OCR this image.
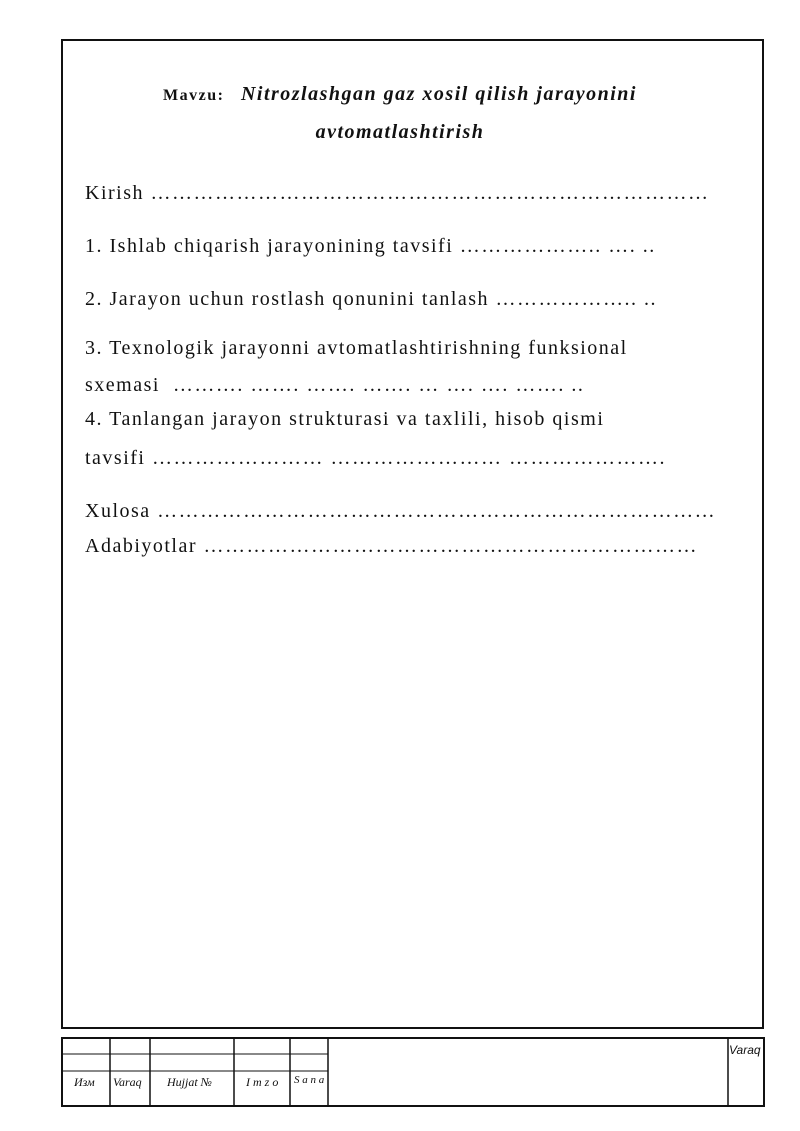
Mavzu: Nitrozlashgan gaz xosil qilish jarayonini
avtomatlashtirish
Kirish ……………………………………………………………………
1. Ishlab chiqarish jarayonining tavsifi ……………….. …. ..
2. Jarayon uchun rostlash qonunini tanlash ……………….. ..
3. Texnologik jarayonni avtomatlashtirishning funksional
sxemasi  ………. ……. ……. ……. … …. …. ……. ..
4. Tanlangan jarayon strukturasi va taxlili, hisob qismi
tavsifi …………………… …………………… ………………….
Xulosa ……………………………………………………………………
Adabiyotlar ……………………………………………………………
Изм Varaq Hujjat №	I m z o S a n a
Varaq
